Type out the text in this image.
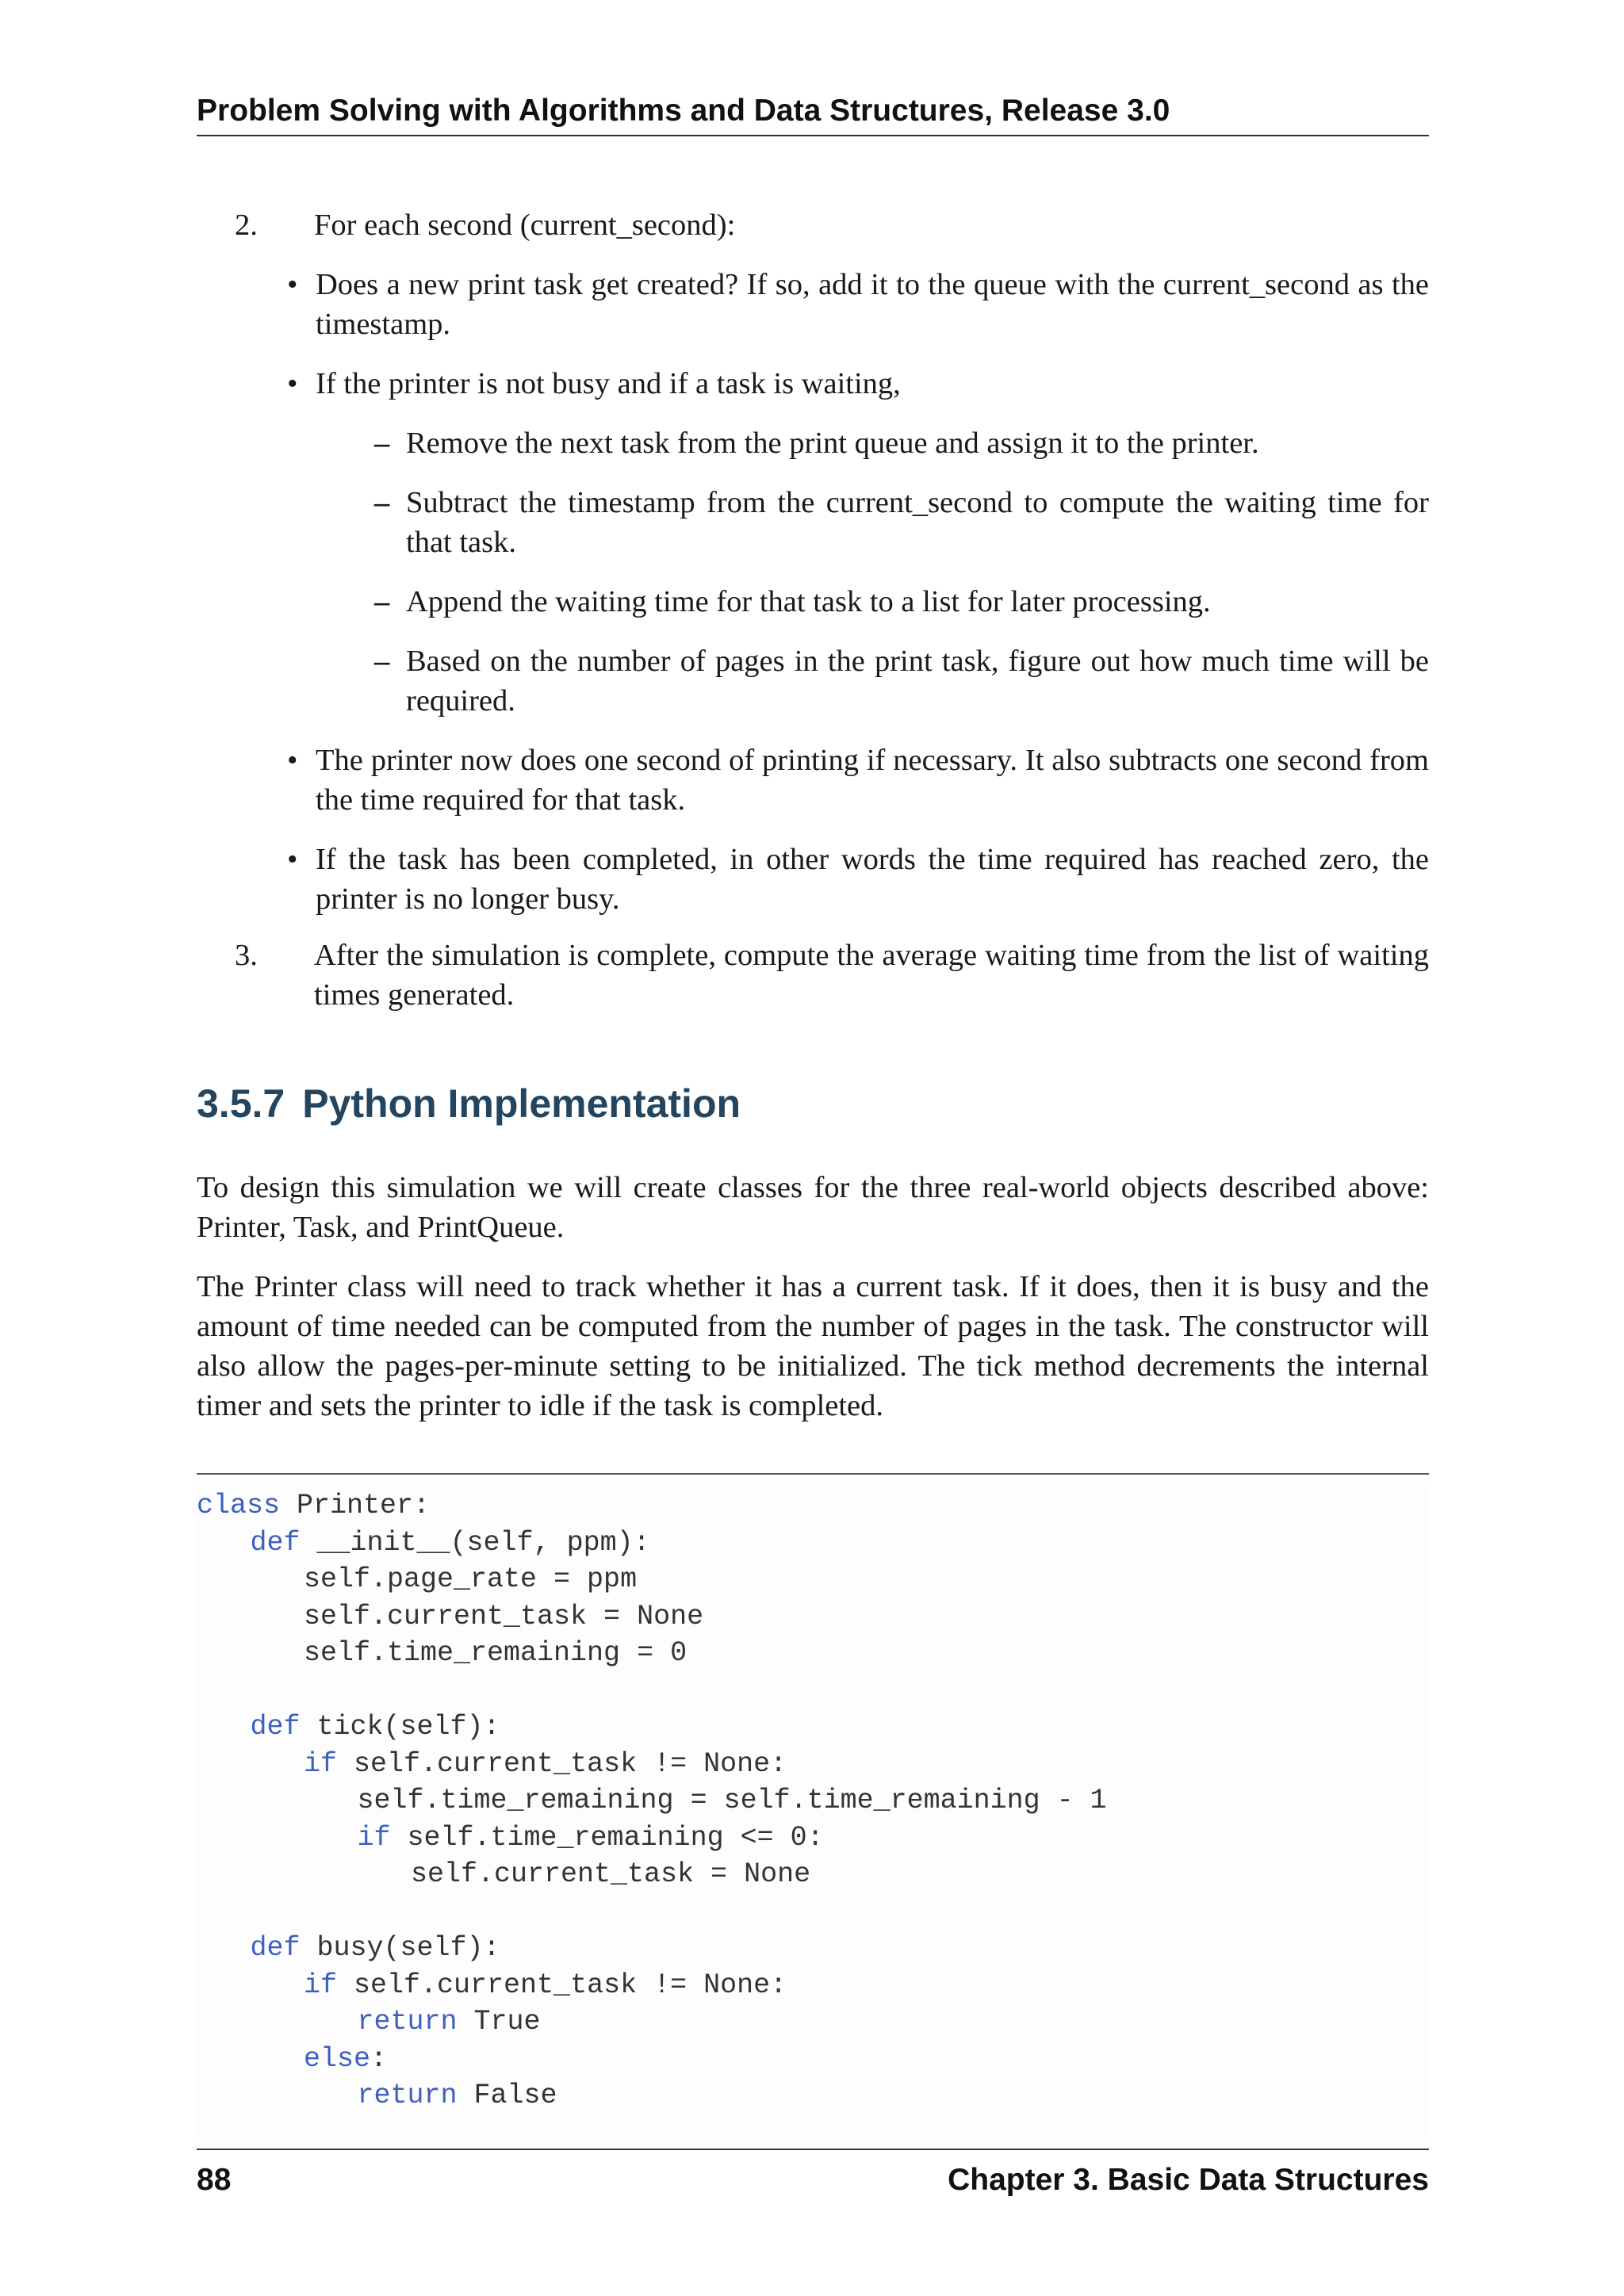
Problem Solving with Algorithms and Data Structures, Release 3.0
2.	For each second (current_second):
• Does a new print task get created? If so, add it to the queue with the current_second as the timestamp.
• If the printer is not busy and if a task is waiting,
– Remove the next task from the print queue and assign it to the printer.
– Subtract the timestamp from the current_second to compute the waiting time for that task.
– Append the waiting time for that task to a list for later processing.
– Based on the number of pages in the print task, figure out how much time will be required.
• The printer now does one second of printing if necessary. It also subtracts one second from the time required for that task.
• If the task has been completed, in other words the time required has reached zero, the printer is no longer busy.
3.	After the simulation is complete, compute the average waiting time from the list of waiting times generated.
3.5.7 Python Implementation
To design this simulation we will create classes for the three real-world objects described above: Printer, Task, and PrintQueue.
The Printer class will need to track whether it has a current task. If it does, then it is busy and the amount of time needed can be computed from the number of pages in the task. The constructor will also allow the pages-per-minute setting to be initialized. The tick method decrements the internal timer and sets the printer to idle if the task is completed.
class Printer:
def __init__(self, ppm):
self.page_rate = ppm
self.current_task = None
self.time_remaining = 0
def tick(self):
if self.current_task != None:
self.time_remaining = self.time_remaining - 1
if self.time_remaining <= 0:
self.current_task = None
def busy(self):
if self.current_task != None:
return True
else:
return False
88	Chapter 3. Basic Data Structures
